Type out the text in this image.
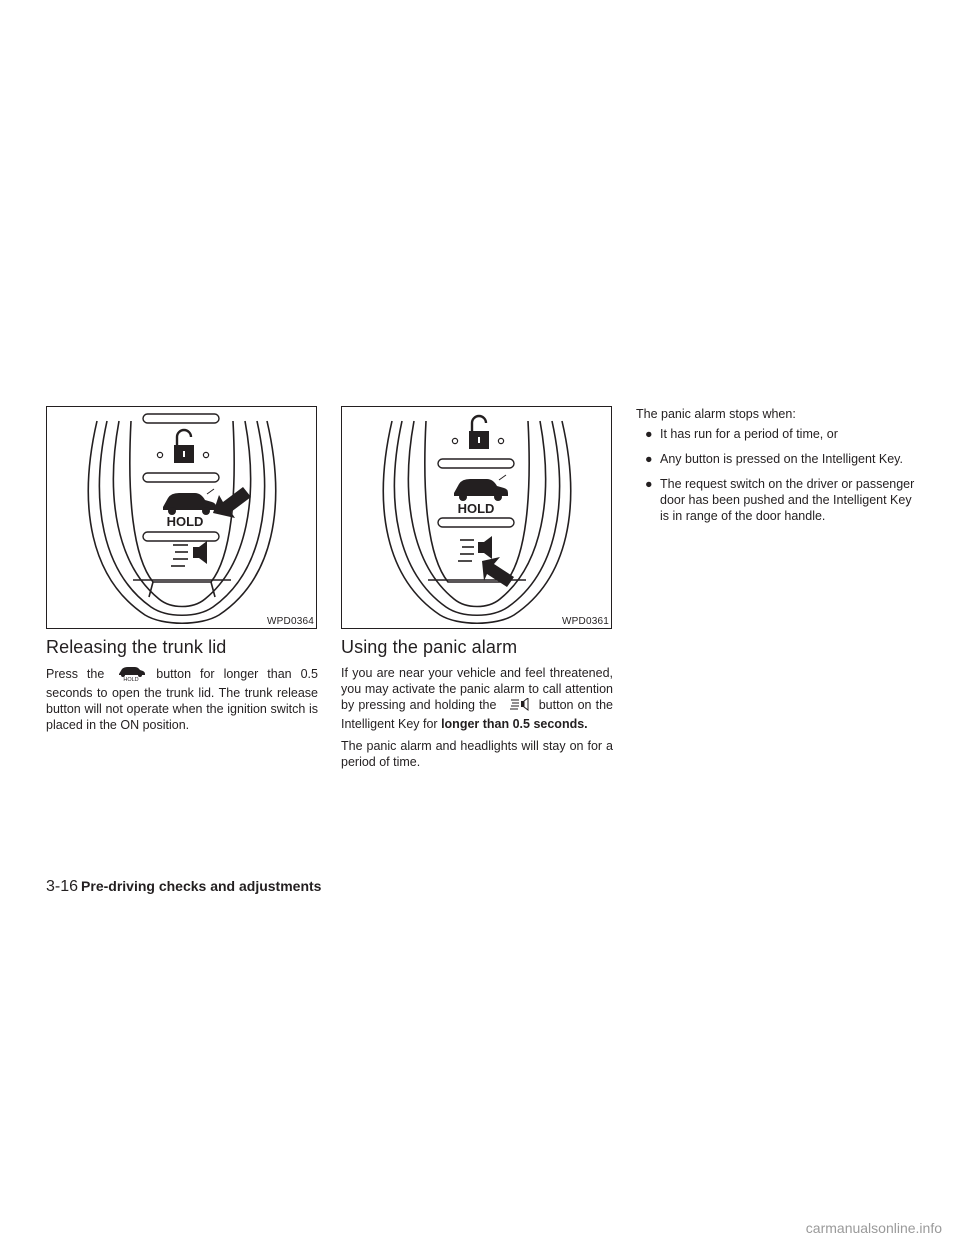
HOLD
WPD0364
HOLD
WPD0361
Releasing the trunk lid

Press the	HOLD button for longer than 0.5 seconds to open the trunk lid. The trunk release button will not operate when the ignition switch is placed in the ON position.

Using the panic alarm

If you are near your vehicle and feel threatened, you may activate the panic alarm to call attention by pressing and holding the	button on the Intelligent Key for longer than 0.5 seconds.

The panic alarm and headlights will stay on for a period of time.

The panic alarm stops when:

● It has run for a period of time, or
● Any button is pressed on the Intelligent Key.
● The request switch on the driver or passenger door has been pushed and the Intelligent Key is in range of the door handle.
3-16 Pre-driving checks and adjustments
carmanualsonline.info
